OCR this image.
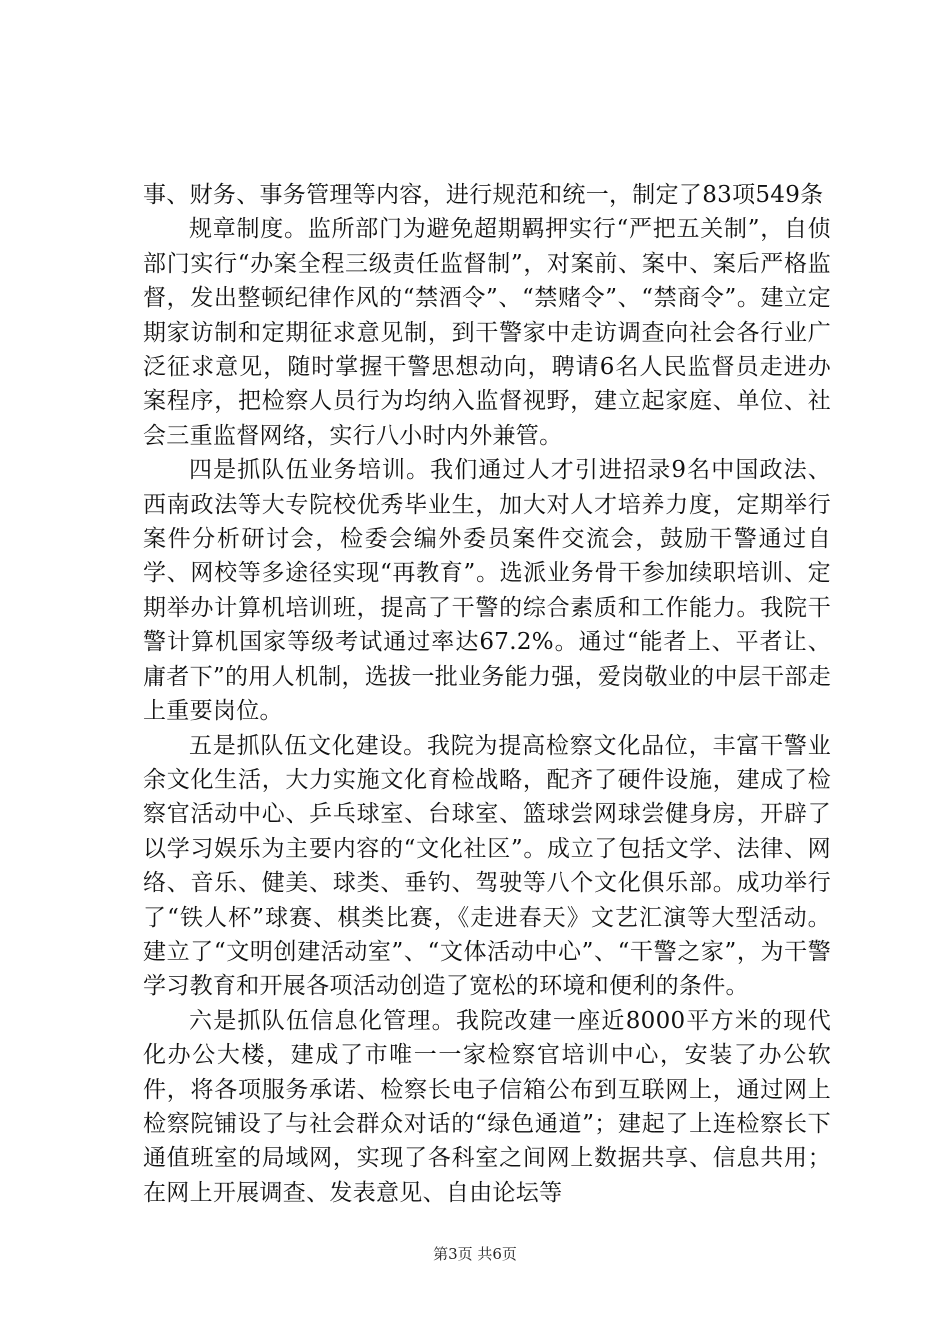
事、财务、事务管理等内容，进行规范和统一，制定了83项549条

规章制度。监所部门为避免超期羁押实行“严把五关制”，自侦部门实行“办案全程三级责任监督制”，对案前、案中、案后严格监督，发出整顿纪律作风的“禁酒令”、“禁赌令”、“禁商令”。建立定期家访制和定期征求意见制，到干警家中走访调查向社会各行业广泛征求意见，随时掌握干警思想动向，聘请6名人民监督员走进办案程序，把检察人员行为均纳入监督视野，建立起家庭、单位、社会三重监督网络，实行八小时内外兼管。

四是抓队伍业务培训。我们通过人才引进招录9名中国政法、西南政法等大专院校优秀毕业生，加大对人才培养力度，定期举行案件分析研讨会，检委会编外委员案件交流会，鼓励干警通过自学、网校等多途径实现“再教育”。选派业务骨干参加续职培训、定期举办计算机培训班，提高了干警的综合素质和工作能力。我院干警计算机国家等级考试通过率达67.2%。通过“能者上、平者让、庸者下”的用人机制，选拔一批业务能力强，爱岗敬业的中层干部走上重要岗位。

五是抓队伍文化建设。我院为提高检察文化品位，丰富干警业余文化生活，大力实施文化育检战略，配齐了硬件设施，建成了检察官活动中心、乒乓球室、台球室、篮球尝网球尝健身房，开辟了以学习娱乐为主要内容的“文化社区”。成立了包括文学、法律、网络、音乐、健美、球类、垂钓、驾驶等八个文化俱乐部。成功举行了“铁人杯”球赛、棋类比赛，《走进春天》文艺汇演等大型活动。建立了“文明创建活动室”、“文体活动中心”、“干警之家”，为干警学习教育和开展各项活动创造了宽松的环境和便利的条件。

六是抓队伍信息化管理。我院改建一座近8000平方米的现代化办公大楼，建成了市唯一一家检察官培训中心，安装了办公软件，将各项服务承诺、检察长电子信箱公布到互联网上，通过网上检察院铺设了与社会群众对话的“绿色通道”；建起了上连检察长下通值班室的局域网，实现了各科室之间网上数据共享、信息共用；在网上开展调查、发表意见、自由论坛等

第3页 共6页
